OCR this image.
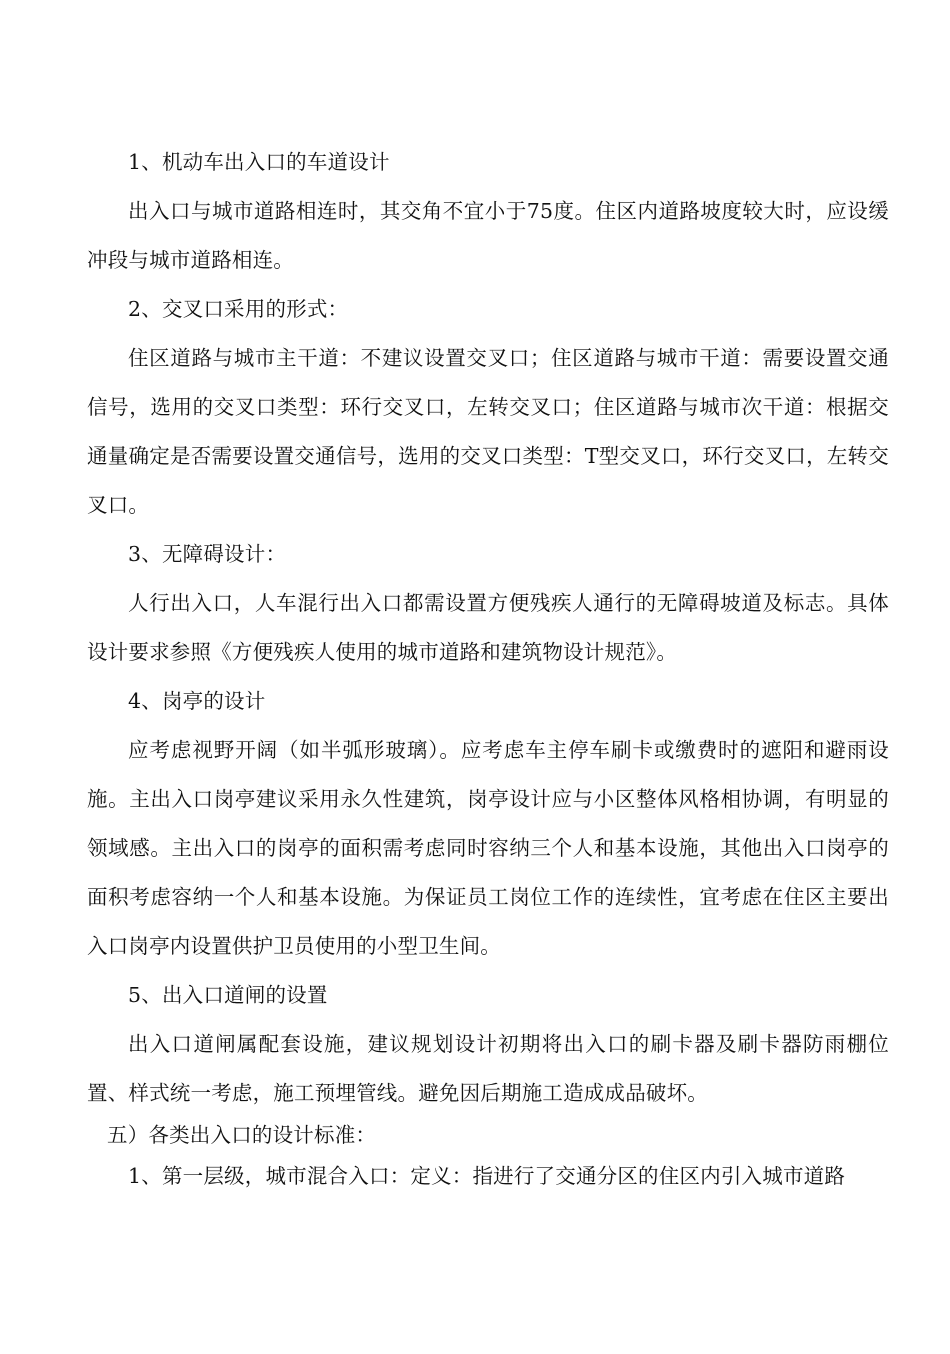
1、机动车出入口的车道设计

出入口与城市道路相连时，其交角不宜小于75度。住区内道路坡度较大时，应设缓冲段与城市道路相连。

2、交叉口采用的形式：

住区道路与城市主干道：不建议设置交叉口；住区道路与城市干道：需要设置交通信号，选用的交叉口类型：环行交叉口，左转交叉口；住区道路与城市次干道：根据交通量确定是否需要设置交通信号，选用的交叉口类型：T型交叉口，环行交叉口，左转交叉口。

3、无障碍设计：

人行出入口，人车混行出入口都需设置方便残疾人通行的无障碍坡道及标志。具体设计要求参照《方便残疾人使用的城市道路和建筑物设计规范》。

4、岗亭的设计

应考虑视野开阔（如半弧形玻璃）。应考虑车主停车刷卡或缴费时的遮阳和避雨设施。主出入口岗亭建议采用永久性建筑，岗亭设计应与小区整体风格相协调，有明显的领域感。主出入口的岗亭的面积需考虑同时容纳三个人和基本设施，其他出入口岗亭的面积考虑容纳一个人和基本设施。为保证员工岗位工作的连续性，宜考虑在住区主要出入口岗亭内设置供护卫员使用的小型卫生间。

5、出入口道闸的设置

出入口道闸属配套设施，建议规划设计初期将出入口的刷卡器及刷卡器防雨棚位置、样式统一考虑，施工预埋管线。避免因后期施工造成成品破坏。

五）各类出入口的设计标准：

1、第一层级，城市混合入口：定义：指进行了交通分区的住区内引入城市道路
